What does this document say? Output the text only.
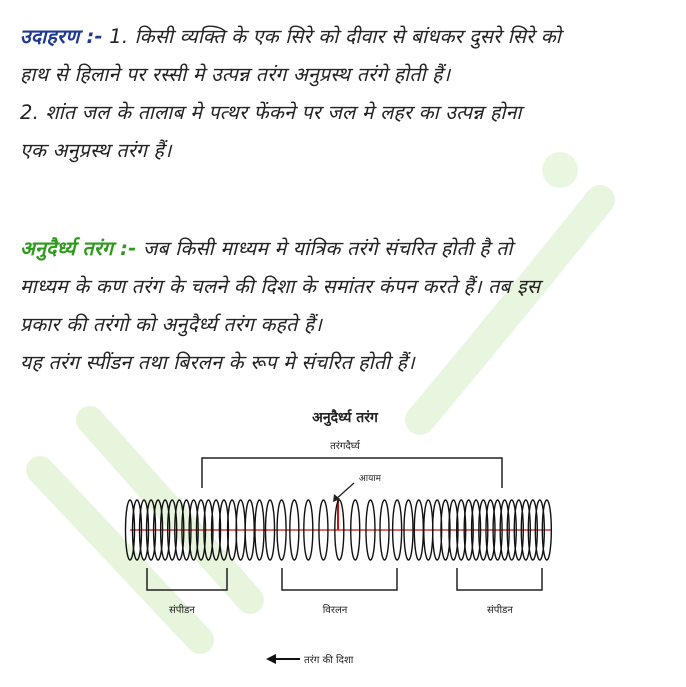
उदाहरण :- 1. किसी व्यक्ति के एक सिरे को दीवार से बांधकर दुसरे सिरे को
हाथ से हिलाने पर रस्सी मे उत्पन्न तरंग अनुप्रस्थ तरंगे होती हैं।
2. शांत जल के तालाब मे पत्थर फेंकने पर जल मे लहर का उत्पन्न होना
एक अनुप्रस्थ तरंग हैं।
अनुदैर्ध्य तरंग :- जब किसी माध्यम मे यांत्रिक तरंगे संचरित होती है तो
माध्यम के कण तरंग के चलने की दिशा के समांतर कंपन करते हैं। तब इस
प्रकार की तरंगो को अनुदैर्ध्य तरंग कहते हैं।
यह तरंग स्पींडन तथा बिरलन के रूप मे संचरित होती हैं।
अनुदैर्ध्य तरंग
तरंगदैर्घ्य
आयाम
संपीडन	विरलन	संपीडन
तरंग की दिशा
